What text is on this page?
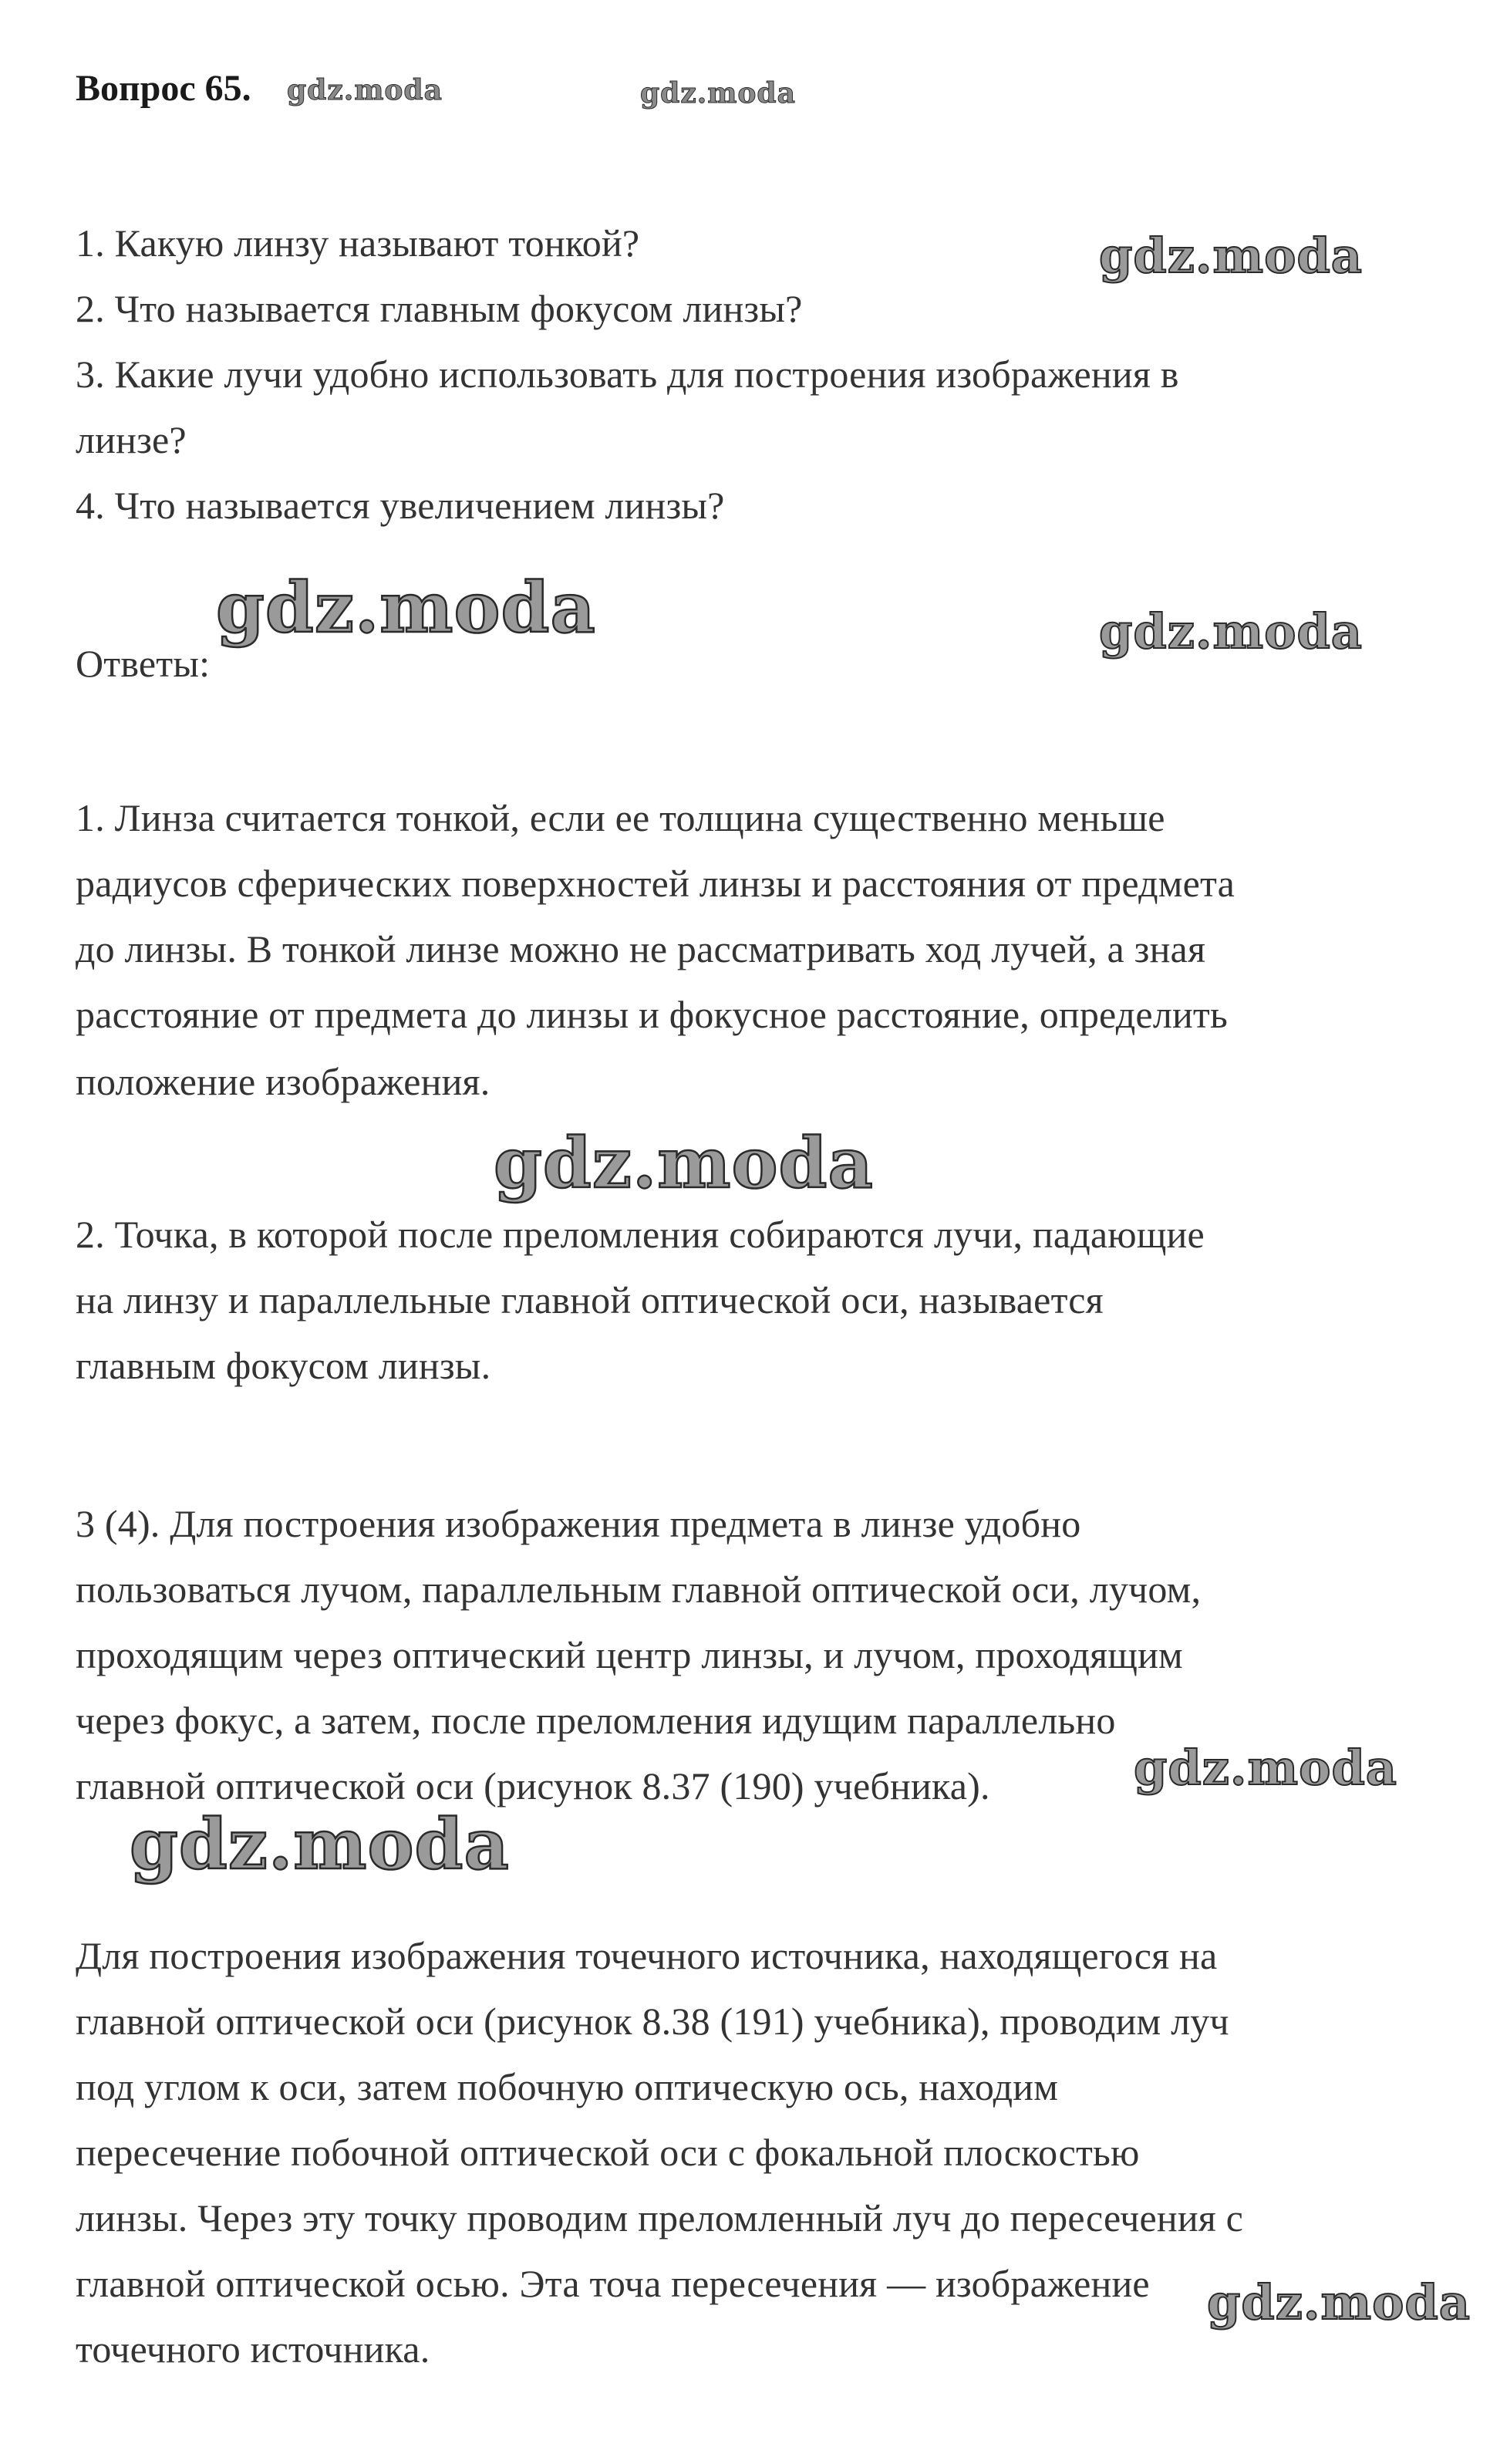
Вопрос 65.
1. Какую линзу называют тонкой?
2. Что называется главным фокусом линзы?
3. Какие лучи удобно использовать для построения изображения в
линзе?
4. Что называется увеличением линзы?
Ответы:
1. Линза считается тонкой, если ее толщина существенно меньше
радиусов сферических поверхностей линзы и расстояния от предмета
до линзы. В тонкой линзе можно не рассматривать ход лучей, а зная
расстояние от предмета до линзы и фокусное расстояние, определить
положение изображения.
2. Точка, в которой после преломления собираются лучи, падающие
на линзу и параллельные главной оптической оси, называется
главным фокусом линзы.
3 (4). Для построения изображения предмета в линзе удобно
пользоваться лучом, параллельным главной оптической оси, лучом,
проходящим через оптический центр линзы, и лучом, проходящим
через фокус, а затем, после преломления идущим параллельно
главной оптической оси (рисунок 8.37 (190) учебника).
Для построения изображения точечного источника, находящегося на
главной оптической оси (рисунок 8.38 (191) учебника), проводим луч
под углом к оси, затем побочную оптическую ось, находим
пересечение побочной оптической оси с фокальной плоскостью
линзы. Через эту точку проводим преломленный луч до пересечения с
главной оптической осью. Эта точа пересечения — изображение
точечного источника.
gdz.moda	gdz.moda
gdz.moda
gdz.moda	gdz.moda
gdz.moda
gdz.moda
gdz.moda
gdz.moda
